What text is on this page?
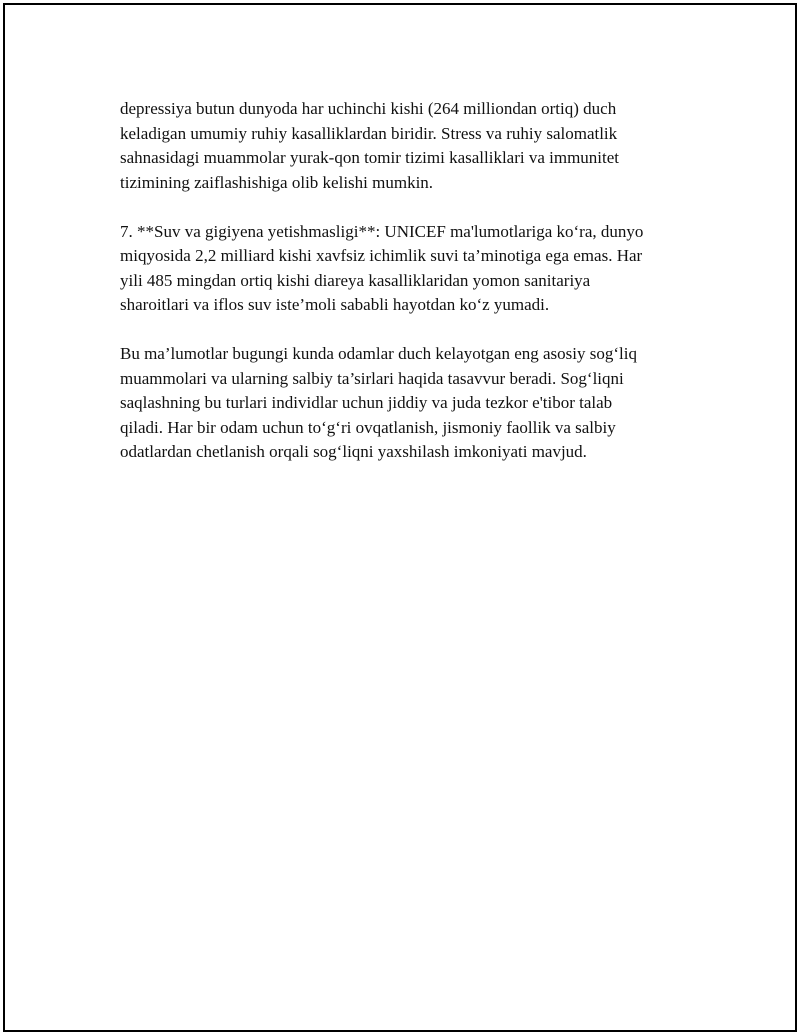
depressiya butun dunyoda har uchinchi kishi (264 milliondan ortiq) duch
keladigan umumiy ruhiy kasalliklardan biridir. Stress va ruhiy salomatlik
sahnasidagi muammolar yurak-qon tomir tizimi kasalliklari va immunitet
tizimining zaiflashishiga olib kelishi mumkin.

7. **Suv va gigiyena yetishmasligi**: UNICEF ma'lumotlariga ko‘ra, dunyo
miqyosida 2,2 milliard kishi xavfsiz ichimlik suvi ta’minotiga ega emas. Har
yili 485 mingdan ortiq kishi diareya kasalliklaridan yomon sanitariya
sharoitlari va iflos suv iste’moli sababli hayotdan ko‘z yumadi.

Bu ma’lumotlar bugungi kunda odamlar duch kelayotgan eng asosiy sog‘liq
muammolari va ularning salbiy ta’sirlari haqida tasavvur beradi. Sog‘liqni
saqlashning bu turlari individlar uchun jiddiy va juda tezkor e'tibor talab
qiladi. Har bir odam uchun to‘g‘ri ovqatlanish, jismoniy faollik va salbiy
odatlardan chetlanish orqali sog‘liqni yaxshilash imkoniyati mavjud.
